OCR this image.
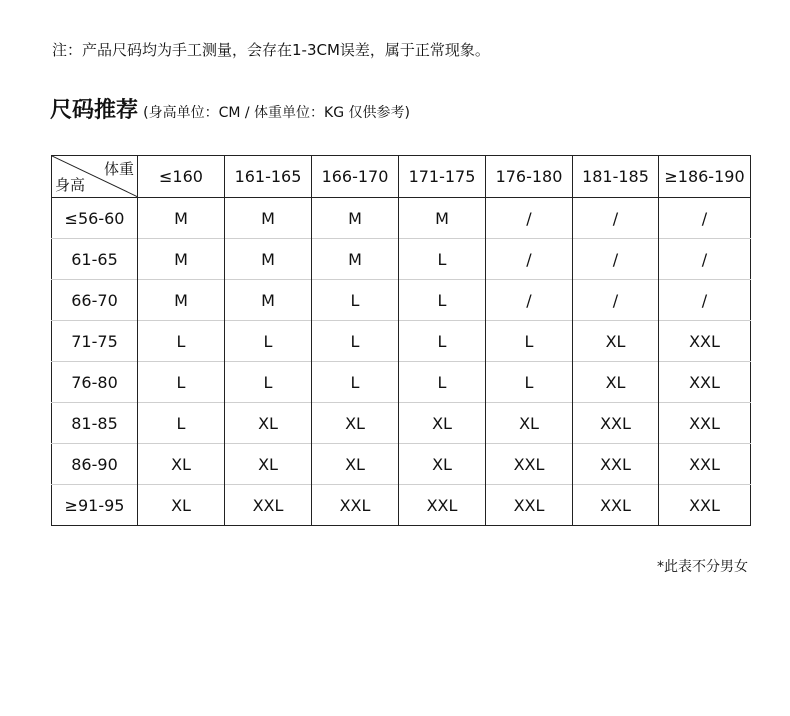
注：产品尺码均为手工测量，会存在1-3CM误差，属于正常现象。
尺码推荐 (身高单位：CM / 体重单位：KG 仅供参考)
体重
身高	≤160	161-165	166-170	171-175	176-180	181-185	≥186-190
≤56-60	M	M	M	M	/	/	/
61-65	M	M	M	L	/	/	/
66-70	M	M	L	L	/	/	/
71-75	L	L	L	L	L	XL	XXL
76-80	L	L	L	L	L	XL	XXL
81-85	L	XL	XL	XL	XL	XXL	XXL
86-90	XL	XL	XL	XL	XXL	XXL	XXL
≥91-95	XL	XXL	XXL	XXL	XXL	XXL	XXL
*此表不分男女
